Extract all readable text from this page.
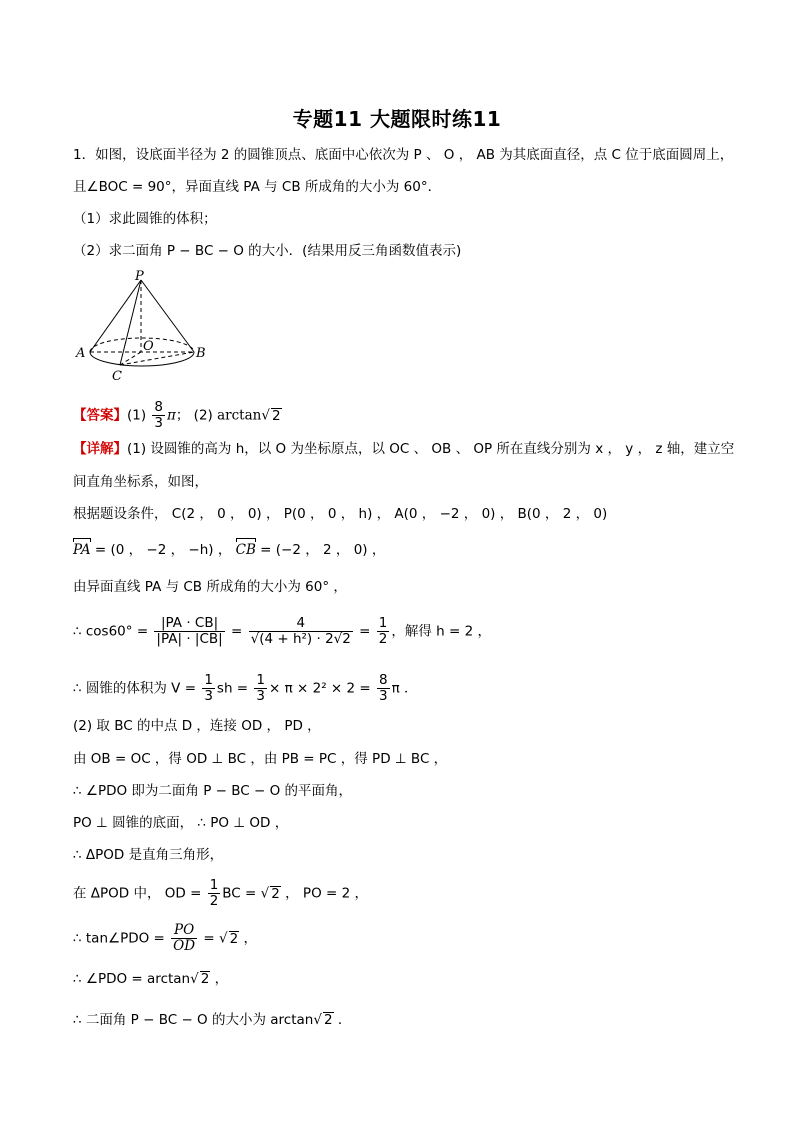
专题11 大题限时练11
1．如图，设底面半径为 2 的圆锥顶点、底面中心依次为 P 、 O ， AB 为其底面直径，点 C 位于底面圆周上，
且∠BOC = 90°，异面直线 PA 与 CB 所成角的大小为 60°．
（1）求此圆锥的体积；
（2）求二面角 P − BC − O 的大小．(结果用反三角函数值表示)
P
O
A	B
C
【答案】$(1) \frac{8}{3}$ π； (2) arctan√ 2
【详解】(1) 设圆锥的高为 h，以 O 为坐标原点，以 OC 、 OB 、 OP 所在直线分别为 x ， y ， z 轴，建立空
间直角坐标系，如图，
根据题设条件， C(2 ， 0 ， 0) ， P(0 ， 0 ， h) ， A(0 ， −2 ， 0) ， B(0 ， 2 ， 0)
PA = (0 ， −2 ， −h) ， CB = (−2 ， 2 ， 0) ，
由异面直线 PA 与 CB 所成角的大小为 60° ，
∴ $\cos 60^\circ = \frac{|PA \cdot CB|}{|PA| \cdot |CB|} = \frac{4}{\text{√(4 + h²) · 2√2}} = \frac{1}{2}$ ，解得 h = 2 ，
∴ 圆锥的体积为 $V = \frac{1}{3}$ sh = $\frac{1}{3} \times \pi \times 2^2 \times 2 = \frac{8}{3}$ π ．
(2) 取 BC 的中点 D ，连接 OD ， PD ，
由 OB = OC ，得 OD ⊥ BC ，由 PB = PC ，得 PD ⊥ BC ，
∴ ∠PDO 即为二面角 P − BC − O 的平面角，
PO ⊥ 圆锥的底面， ∴ PO ⊥ OD ，
∴ ΔPOD 是直角三角形，
在 ΔPOD 中， OD = $\frac{1}{2}$ BC = √ 2 ， PO = 2 ，
∴ tan∠PDO = $\frac{PO}{OD}$ = √ 2 ，
∴ ∠PDO = arctan√ 2 ，
∴ 二面角 P − BC − O 的大小为 arctan√ 2 ．
